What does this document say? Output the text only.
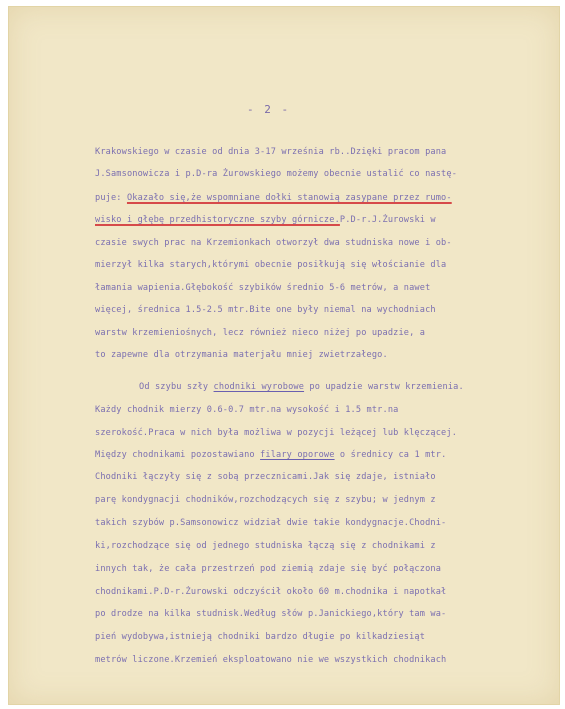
- 2 -
Krakowskiego w czasie od dnia 3-17 września rb..Dzięki pracom pana
J.Samsonowicza i p.D-ra Żurowskiego możemy obecnie ustalić co nastę-
puje: Okazało się,że wspomniane dołki stanowią zasypane przez rumo-
wisko i głębę przedhistoryczne szyby górnicze.P.D-r.J.Żurowski w
czasie swych prac na Krzemionkach otworzył dwa studniska nowe i ob-
mierzył kilka starych,którymi obecnie posiłkują się włościanie dla
łamania wapienia.Głębokość szybików średnio 5-6 metrów, a nawet
więcej, średnica 1.5-2.5 mtr.Bite one były niemal na wychodniach
warstw krzemieniośnych, lecz również nieco niżej po upadzie, a
to zapewne dla otrzymania materjału mniej zwietrzałego.
Od szybu szły chodniki wyrobowe po upadzie warstw krzemienia.
Każdy chodnik mierzy 0.6-0.7 mtr.na wysokość i 1.5 mtr.na
szerokość.Praca w nich była możliwa w pozycji leżącej lub klęczącej.
Między chodnikami pozostawiano filary oporowe o średnicy ca 1 mtr.
Chodniki łączyły się z sobą przecznicami.Jak się zdaje, istniało
parę kondygnacji chodników,rozchodzących się z szybu; w jednym z
takich szybów p.Samsonowicz widział dwie takie kondygnacje.Chodni-
ki,rozchodzące się od jednego studniska łączą się z chodnikami z
innych tak, że cała przestrzeń pod ziemią zdaje się być połączona
chodnikami.P.D-r.Żurowski odczyścił około 60 m.chodnika i napotkał
po drodze na kilka studnisk.Według słów p.Janickiego,który tam wa-
pień wydobywa,istnieją chodniki bardzo długie po kilkadziesiąt
metrów liczone.Krzemień eksploatowano nie we wszystkich chodnikach
